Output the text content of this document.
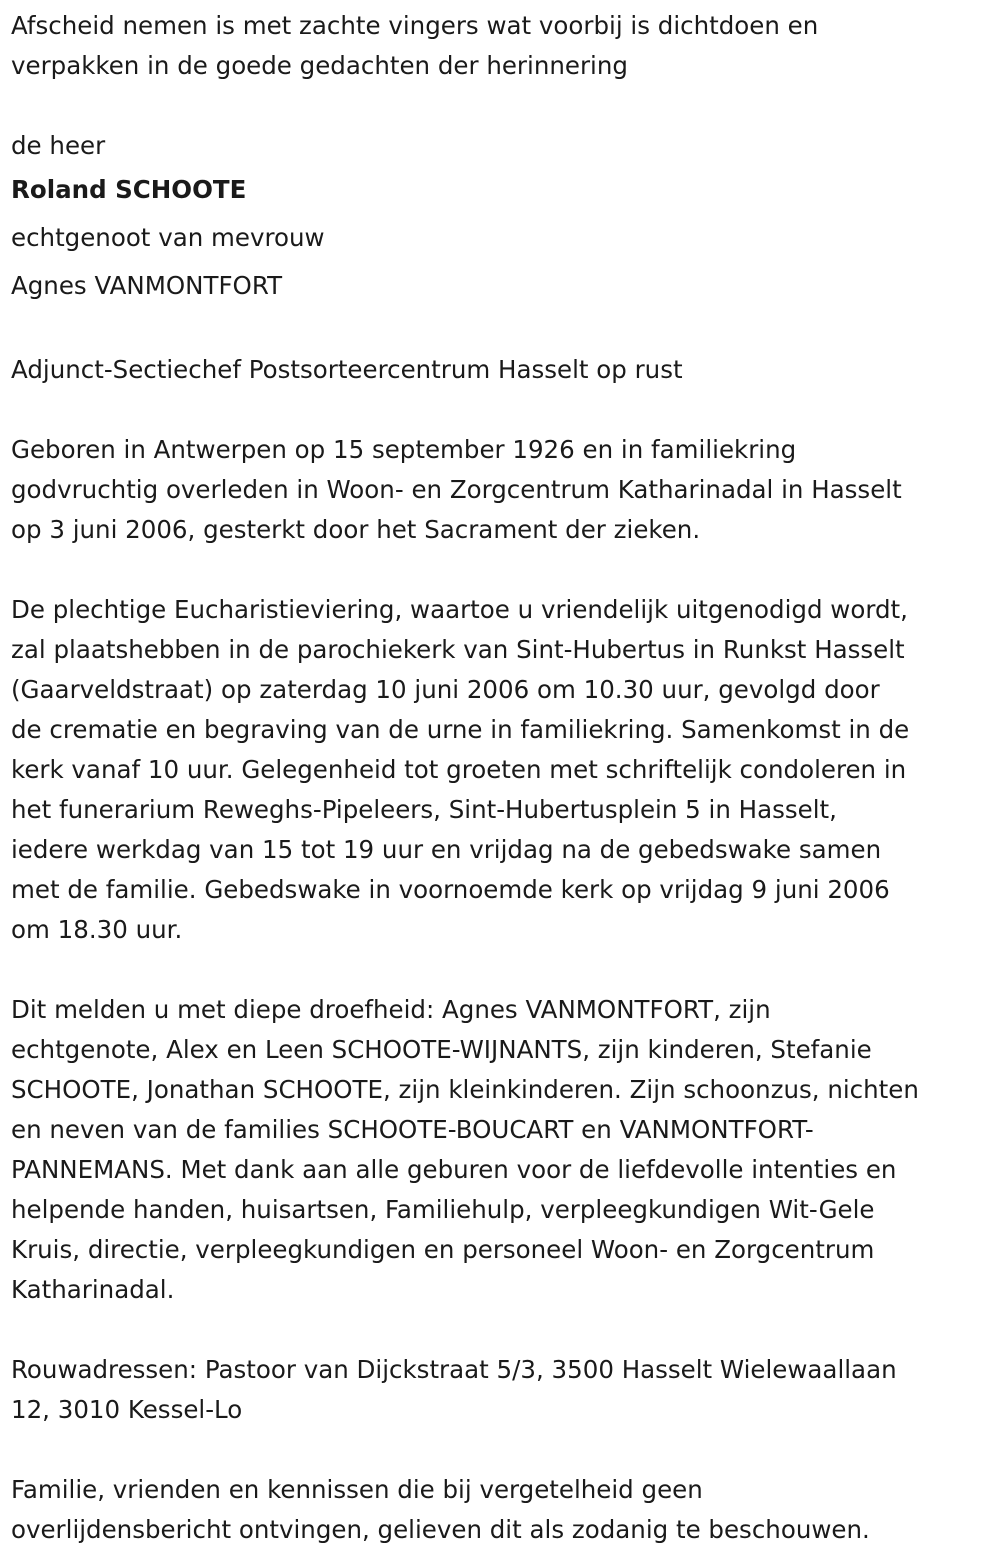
Afscheid nemen is met zachte vingers wat voorbij is dichtdoen en
verpakken in de goede gedachten der herinnering
de heer
Roland SCHOOTE
echtgenoot van mevrouw
Agnes VANMONTFORT
Adjunct-Sectiechef Postsorteercentrum Hasselt op rust
Geboren in Antwerpen op 15 september 1926 en in familiekring
godvruchtig overleden in Woon- en Zorgcentrum Katharinadal in Hasselt
op 3 juni 2006, gesterkt door het Sacrament der zieken.
De plechtige Eucharistieviering, waartoe u vriendelijk uitgenodigd wordt,
zal plaatshebben in de parochiekerk van Sint-Hubertus in Runkst Hasselt
(Gaarveldstraat) op zaterdag 10 juni 2006 om 10.30 uur, gevolgd door
de crematie en begraving van de urne in familiekring. Samenkomst in de
kerk vanaf 10 uur. Gelegenheid tot groeten met schriftelijk condoleren in
het funerarium Reweghs-Pipeleers, Sint-Hubertusplein 5 in Hasselt,
iedere werkdag van 15 tot 19 uur en vrijdag na de gebedswake samen
met de familie. Gebedswake in voornoemde kerk op vrijdag 9 juni 2006
om 18.30 uur.
Dit melden u met diepe droefheid: Agnes VANMONTFORT, zijn
echtgenote, Alex en Leen SCHOOTE-WIJNANTS, zijn kinderen, Stefanie
SCHOOTE, Jonathan SCHOOTE, zijn kleinkinderen. Zijn schoonzus, nichten
en neven van de families SCHOOTE-BOUCART en VANMONTFORT-
PANNEMANS. Met dank aan alle geburen voor de liefdevolle intenties en
helpende handen, huisartsen, Familiehulp, verpleegkundigen Wit-Gele
Kruis, directie, verpleegkundigen en personeel Woon- en Zorgcentrum
Katharinadal.
Rouwadressen: Pastoor van Dijckstraat 5/3, 3500 Hasselt Wielewaallaan
12, 3010 Kessel-Lo
Familie, vrienden en kennissen die bij vergetelheid geen
overlijdensbericht ontvingen, gelieven dit als zodanig te beschouwen.
